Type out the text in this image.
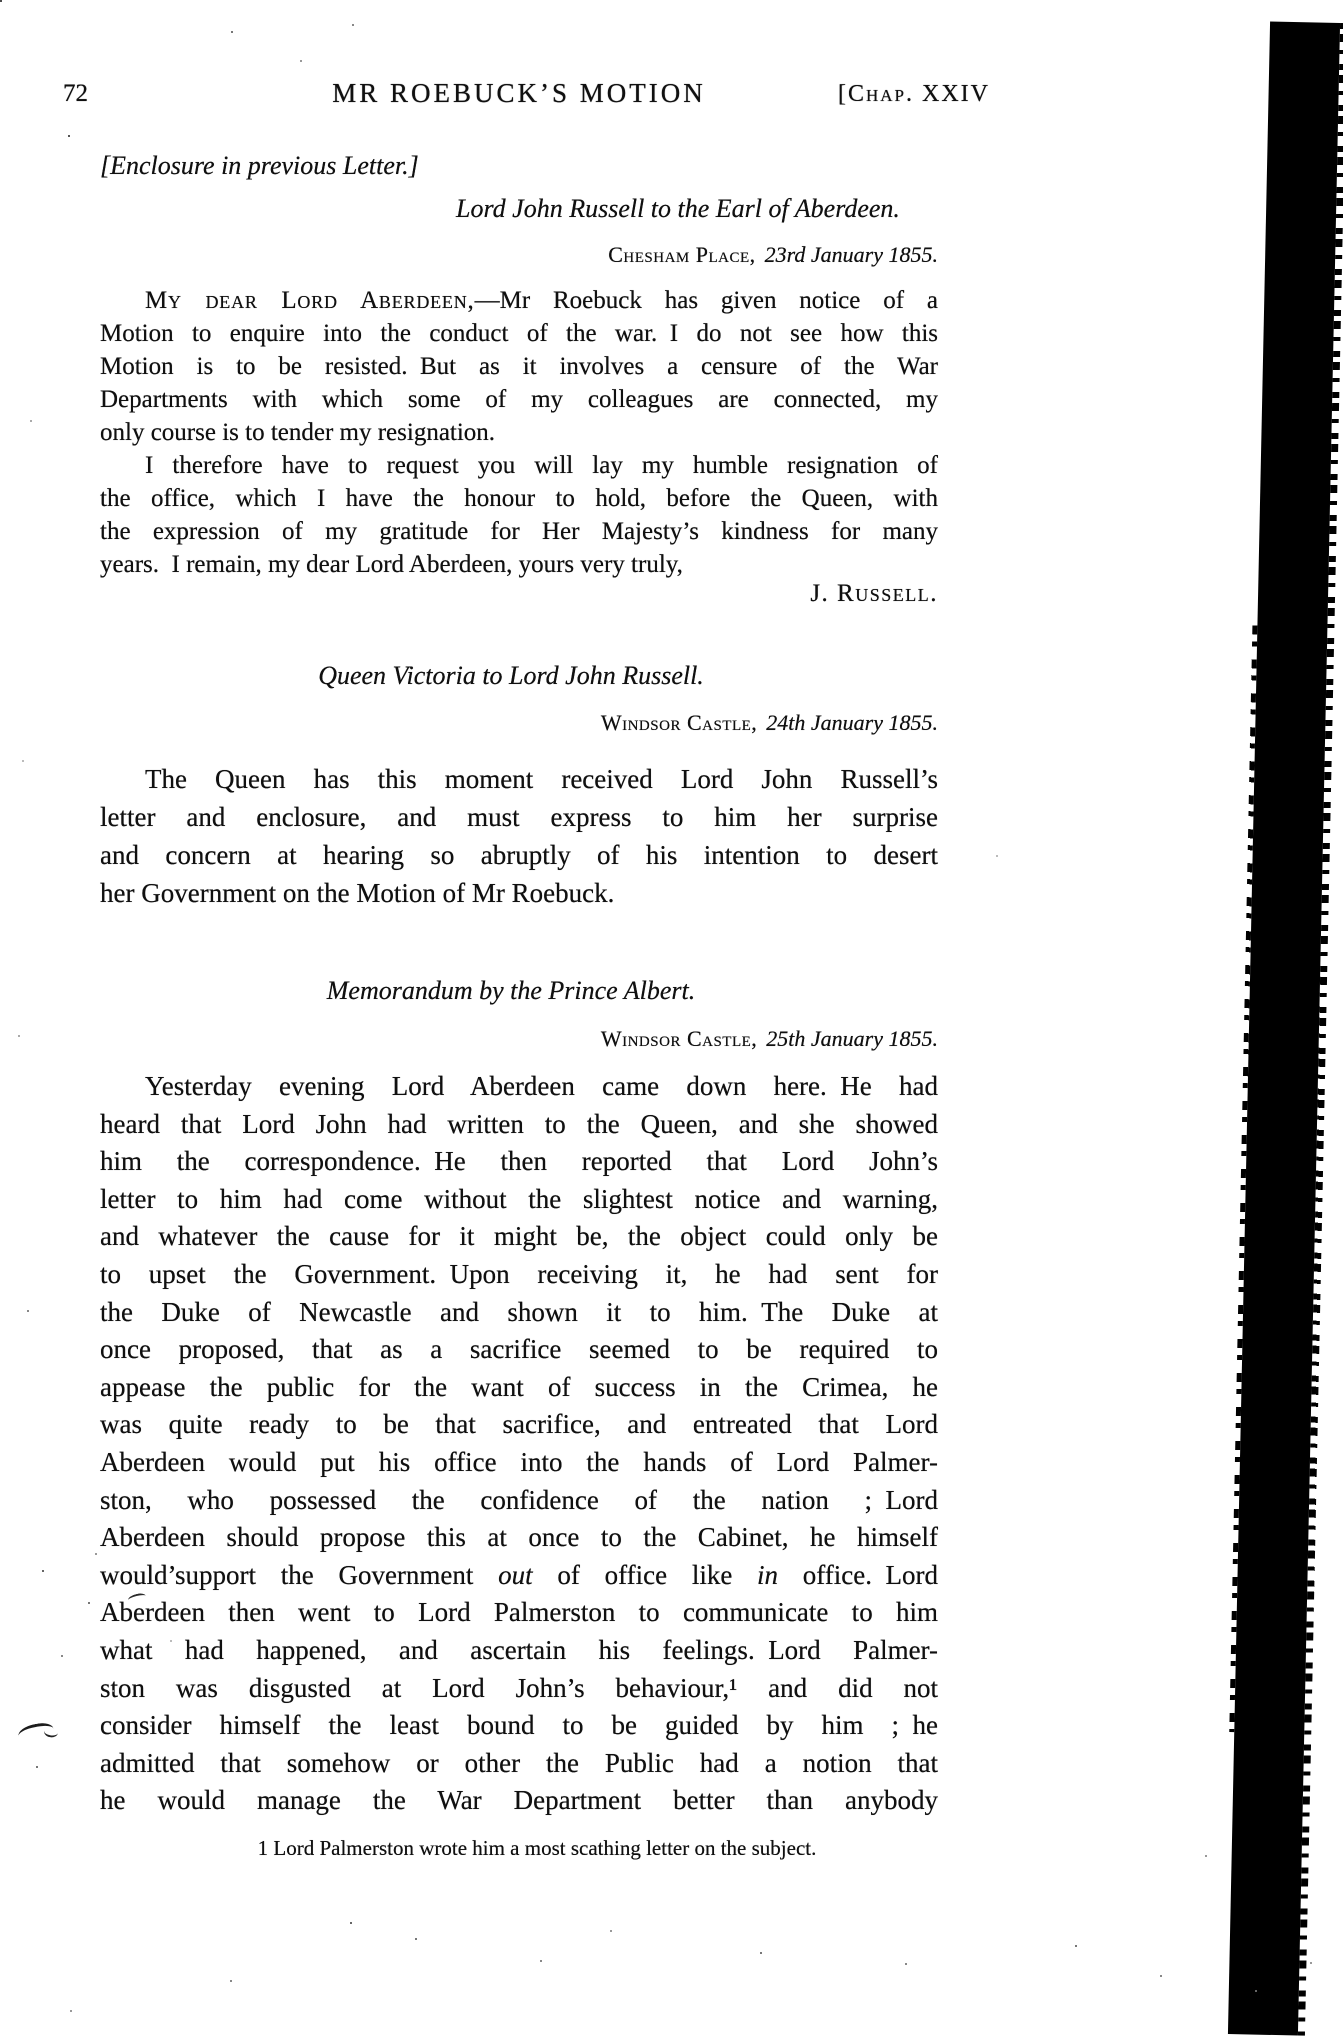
72	MR ROEBUCK’S MOTION	[Chap. XXIV
[Enclosure in previous Letter.]
Lord John Russell to the Earl of Aberdeen.
Chesham Place, 23rd January 1855.
My dear Lord Aberdeen,—Mr Roebuck has given notice of a
Motion to enquire into the conduct of the war. I do not see how this
Motion is to be resisted. But as it involves a censure of the War
Departments with which some of my colleagues are connected, my
only course is to tender my resignation.
I therefore have to request you will lay my humble resignation of
the office, which I have the honour to hold, before the Queen, with
the expression of my gratitude for Her Majesty’s kindness for many
years. I remain, my dear Lord Aberdeen, yours very truly,
J. Russell.
Queen Victoria to Lord John Russell.
Windsor Castle, 24th January 1855.
The Queen has this moment received Lord John Russell’s
letter and enclosure, and must express to him her surprise
and concern at hearing so abruptly of his intention to desert
her Government on the Motion of Mr Roebuck.
Memorandum by the Prince Albert.
Windsor Castle, 25th January 1855.
Yesterday evening Lord Aberdeen came down here. He had
heard that Lord John had written to the Queen, and she showed
him the correspondence. He then reported that Lord John’s
letter to him had come without the slightest notice and warning,
and whatever the cause for it might be, the object could only be
to upset the Government. Upon receiving it, he had sent for
the Duke of Newcastle and shown it to him. The Duke at
once proposed, that as a sacrifice seemed to be required to
appease the public for the want of success in the Crimea, he
was quite ready to be that sacrifice, and entreated that Lord
Aberdeen would put his office into the hands of Lord Palmer-
ston, who possessed the confidence of the nation ; Lord
Aberdeen should propose this at once to the Cabinet, he himself
would’support the Government out of office like in office. Lord
Aberdeen then went to Lord Palmerston to communicate to him
what had happened, and ascertain his feelings. Lord Palmer-
ston was disgusted at Lord John’s behaviour,¹ and did not
consider himself the least bound to be guided by him ; he
admitted that somehow or other the Public had a notion that
he would manage the War Department better than anybody
1 Lord Palmerston wrote him a most scathing letter on the subject.
